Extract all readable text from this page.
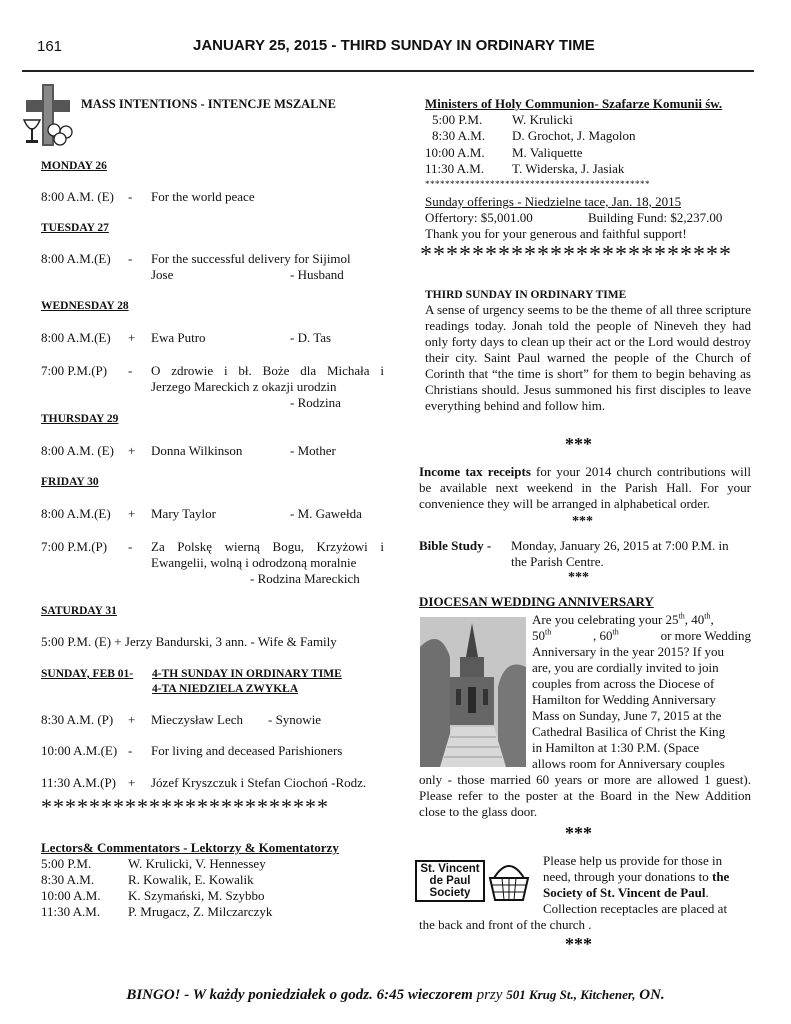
161	JANUARY 25, 2015 - THIRD SUNDAY IN ORDINARY TIME
MASS INTENTIONS - INTENCJE MSZALNE
MONDAY 26
8:00 A.M. (E) - For the world peace
TUESDAY 27
8:00 A.M.(E) - For the successful delivery for Sijimol
Jose	- Husband
WEDNESDAY 28
8:00 A.M.(E) + Ewa Putro	- D. Tas
7:00 P.M.(P) - O zdrowie i bł. Boże dla Michała i
Jerzego Mareckich z okazji urodzin
- Rodzina
THURSDAY 29
8:00 A.M. (E) + Donna Wilkinson	- Mother
FRIDAY 30
8:00 A.M.(E) + Mary Taylor	- M. Gawełda
7:00 P.M.(P) - Za Polskę wierną Bogu, Krzyżowi i
Ewangelii, wolną i odrodzoną moralnie
- Rodzina Mareckich
SATURDAY 31
5:00 P.M. (E) + Jerzy Bandurski, 3 ann. - Wife & Family
SUNDAY, FEB 01- 4-TH SUNDAY IN ORDINARY TIME
4-TA NIEDZIELA ZWYKŁA
8:30 A.M. (P) + Mieczysław Lech - Synowie
10:00 A.M.(E) - For living and deceased Parishioners
11:30 A.M.(P) + Józef Kryszczuk i Stefan Ciochoń -Rodz.
************************
Lectors& Commentators - Lektorzy & Komentatorzy
5:00 P.M.	W. Krulicki, V. Hennessey
8:30 A.M.	R. Kowalik, E. Kowalik
10:00 A.M. K. Szymański, M. Szybbo
11:30 A.M. P. Mrugacz, Z. Milczarczyk
Ministers of Holy Communion- Szafarze Komunii św.
5:00 P.M. W. Krulicki
8:30 A.M. D. Grochot, J. Magolon
10:00 A.M. M. Valiquette
11:30 A.M. T. Widerska, J. Jasiak
*********************************************
Sunday offerings - Niedzielne tace, Jan. 18, 2015
Offertory: $5,001.00	Building Fund: $2,237.00
Thank you for your generous and faithful support!
************************
THIRD SUNDAY IN ORDINARY TIME
A sense of urgency seems to be the theme of all three scripture readings today. Jonah told the people of Nineveh they had only forty days to clean up their act or the Lord would destroy their city. Saint Paul warned the people of the Church of Corinth that “the time is short” for them to begin behaving as Christians should. Jesus summoned his first disciples to leave everything behind and follow him.
***
Income tax receipts for your 2014 church contributions will be available next weekend in the Parish Hall. For your convenience they will be arranged in alphabetical order.
***
Bible Study - Monday, January 26, 2015 at 7:00 P.M. in
the Parish Centre.
***
DIOCESAN WEDDING ANNIVERSARY
Are you celebrating your 25th, 40th,
50th	, 60th	or more Wedding
Anniversary in the year 2015? If you
are, you are cordially invited to join
couples from across the Diocese of
Hamilton for Wedding Anniversary
Mass on Sunday, June 7, 2015 at the
Cathedral Basilica of Christ the King
in Hamilton at 1:30 P.M. (Space
allows room for Anniversary couples
only - those married 60 years or more are allowed 1 guest). Please refer to the poster at the Board in the New Addition close to the glass door.
***
St. Vincent
de Paul
Society
Please help us provide for those in
need, through your donations to the
Society of St. Vincent de Paul.
Collection receptacles are placed at
the back and front of the church .
***
BINGO! - W każdy poniedziałek o godz. 6:45 wieczorem przy 501 Krug St., Kitchener, ON.
